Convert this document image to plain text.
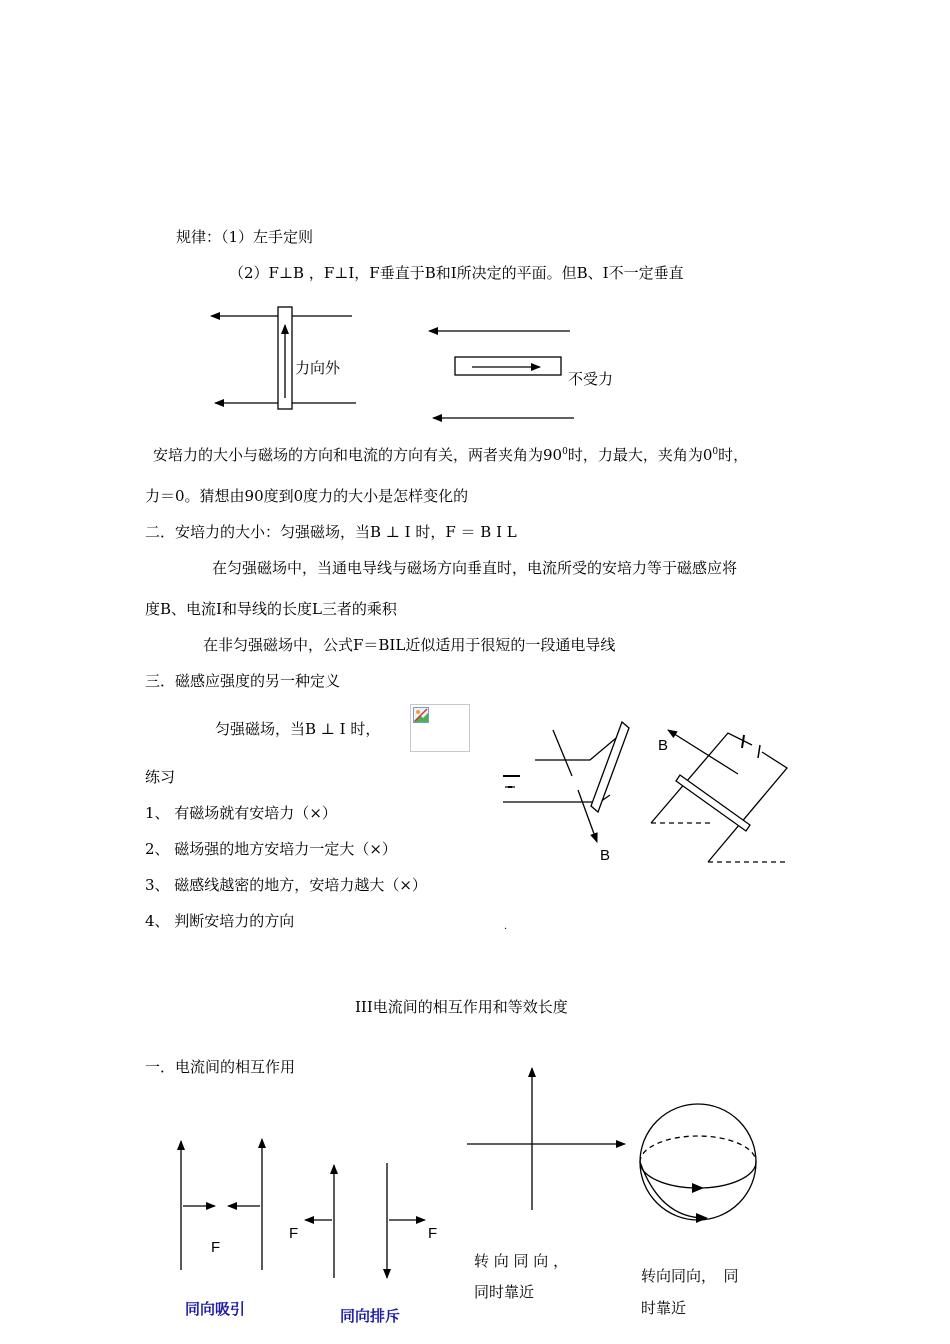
规律：（1）左手定则
（2）F⊥B ，F⊥I，F垂直于B和I所决定的平面。但B、I不一定垂直
力向外
不受力
安培力的大小与磁场的方向和电流的方向有关，两者夹角为$90^0$时，力最大，夹角为$0^0$时，
力＝0。猜想由90度到0度力的大小是怎样变化的
二．安培力的大小：匀强磁场，当B ⊥ I 时，F ＝ B I L
在匀强磁场中，当通电导线与磁场方向垂直时，电流所受的安培力等于磁感应将
度B、电流I和导线的长度L三者的乘积
在非匀强磁场中，公式F＝BIL近似适用于很短的一段通电导线
三．磁感应强度的另一种定义
匀强磁场，当B ⊥ I 时，
练习
1、 有磁场就有安培力（×）
2、 磁场强的地方安培力一定大（×）
3、 磁感线越密的地方，安培力越大（×）
4、 判断安培力的方向
B
B
·
III电流间的相互作用和等效长度
一．电流间的相互作用
F
F	F
同向吸引	同向排斥
转 向 同 向 ，
同时靠近
转向同向，　同
时靠近
